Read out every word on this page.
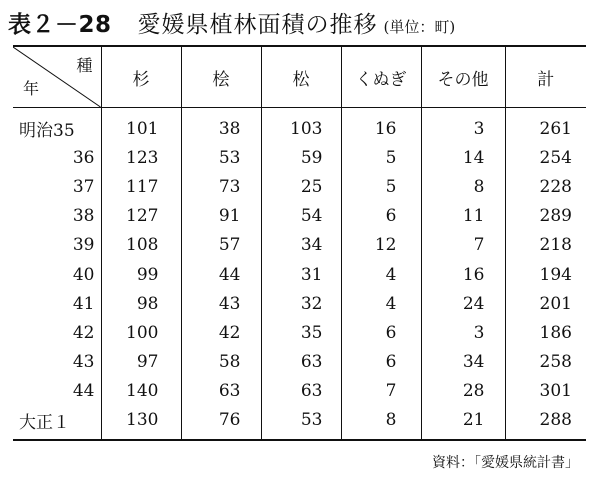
表２－28 愛媛県植林面積の推移 (単位：町)
種
年	杉	桧	松	くぬぎ	その他	計
明治35	101	38	103	16	3	261
36	123	53	59	5	14	254
37	117	73	25	5	8	228
38	127	91	54	6	11	289
39	108	57	34	12	7	218
40	99	44	31	4	16	194
41	98	43	32	4	24	201
42	100	42	35	6	3	186
43	97	58	63	6	34	258
44	140	63	63	7	28	301
大正１	130	76	53	8	21	288
資料：「愛媛県統計書」
